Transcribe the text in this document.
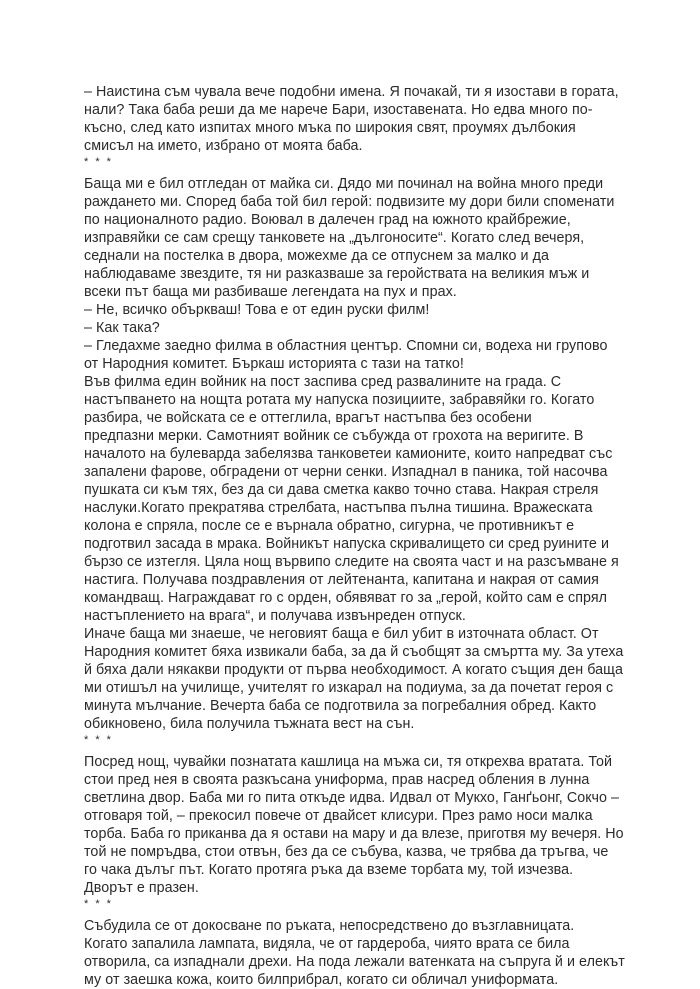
– Наистина съм чувала вече подобни имена. Я почакай, ти я изостави в гората,
нали? Така баба реши да ме нарече Бари, изоставената. Но едва много по-
късно, след като изпитах много мъка по широкия свят, проумях дълбокия
смисъл на името, избрано от моята баба.
* * *
Баща ми е бил отгледан от майка си. Дядо ми починал на война много преди
раждането ми. Според баба той бил герой: подвизите му дори били споменати
по националното радио. Воювал в далечен град на южното крайбрежие,
изправяйки се сам срещу танковете на „дългоносите“. Когато след вечеря,
седнали на постелка в двора, можехме да се отпуснем за малко и да
наблюдаваме звездите, тя ни разказваше за геройствата на великия мъж и
всеки път баща ми разбиваше легендата на пух и прах.
– Не, всичко объркваш! Това е от един руски филм!
– Как така?
– Гледахме заедно филма в областния център. Спомни си, водеха ни групово
от Народния комитет. Бъркаш историята с тази на татко!
Във филма един войник на пост заспива сред развалините на града. С
настъпването на нощта ротата му напуска позициите, забравяйки го. Когато
разбира, че войската се е оттеглила, врагът настъпва без особени
предпазни мерки. Самотният войник се събужда от грохота на веригите. В
началото на булеварда забелязва танковетеи камионите, които напредват със
запалени фарове, обградени от черни сенки. Изпаднал в паника, той насочва
пушката си към тях, без да си дава сметка какво точно става. Накрая стреля
наслуки.Когато прекратява стрелбата, настъпва пълна тишина. Вражеската
колона е спряла, после се е върнала обратно, сигурна, че противникът е
подготвил засада в мрака. Войникът напуска скривалището си сред руините и
бързо се изтегля. Цяла нощ вървипо следите на своята част и на разсъмване я
настига. Получава поздравления от лейтенанта, капитана и накрая от самия
командващ. Награждават го с орден, обявяват го за „герой, който сам е спрял
настъплението на врага“, и получава извънреден отпуск.
Иначе баща ми знаеше, че неговият баща е бил убит в източната област. От
Народния комитет бяха извикали баба, за да й съобщят за смъртта му. За утеха
й бяха дали някакви продукти от първа необходимост. А когато същия ден баща
ми отишъл на училище, учителят го изкарал на подиума, за да почетат героя с
минута мълчание. Вечерта баба се подготвила за погребалния обред. Както
обикновено, била получила тъжната вест на сън.
* * *
Посред нощ, чувайки познатата кашлица на мъжа си, тя открехва вратата. Той
стои пред нея в своята разкъсана униформа, прав насред обления в лунна
светлина двор. Баба ми го пита откъде идва. Идвал от Мукхо, Ганґьонг, Сокчо –
отговаря той, – прекосил повече от двайсет клисури. През рамо носи малка
торба. Баба го приканва да я остави на мару и да влезе, приготвя му вечеря. Но
той не помръдва, стои отвън, без да се събува, казва, че трябва да тръгва, че
го чака дълъг път. Когато протяга ръка да вземе торбата му, той изчезва.
Дворът е празен.
* * *
Събудила се от докосване по ръката, непосредствено до възглавницата.
Когато запалила лампата, видяла, че от гардероба, чиято врата се била
отворила, са изпаднали дрехи. На пода лежали ватенката на съпруга й и елекът
му от заешка кожа, които билприбрал, когато си обличал униформата.
